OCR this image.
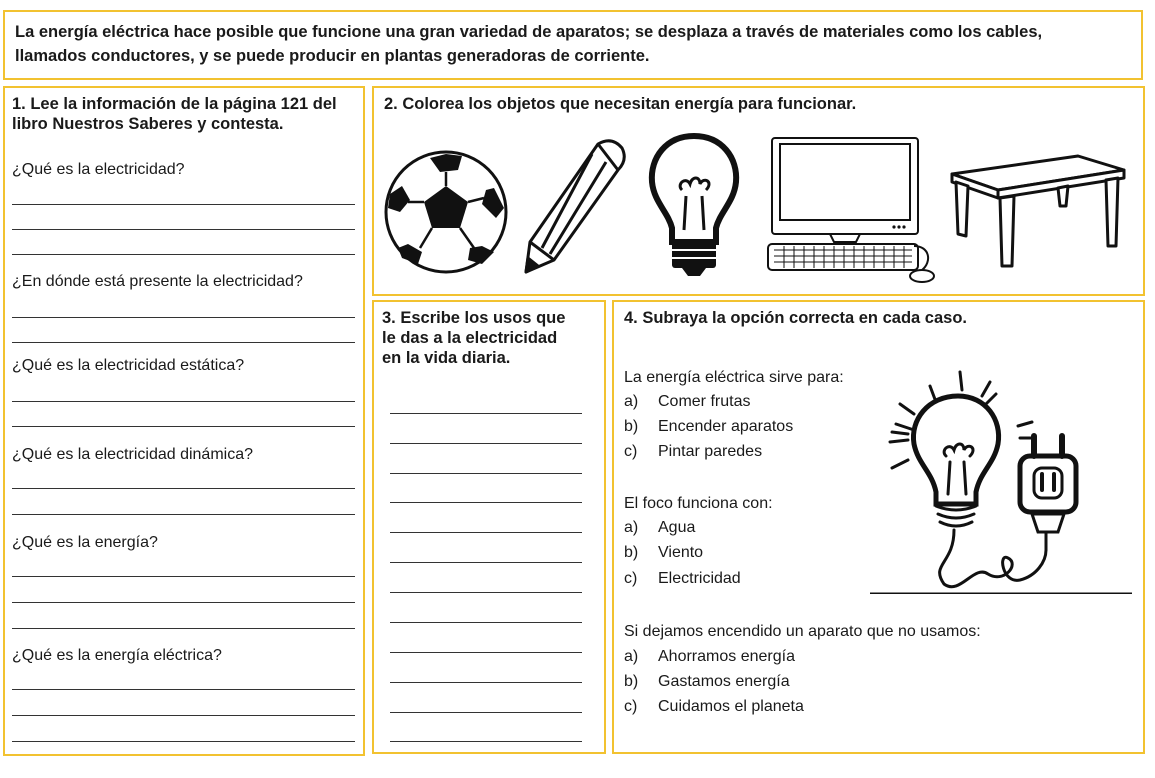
La energía eléctrica hace posible que funcione una gran variedad de aparatos; se desplaza a través de materiales como los cables,

llamados conductores, y se puede producir en plantas generadoras de corriente.

1. Lee la información de la página 121 del
libro Nuestros Saberes y contesta.

¿Qué es la electricidad?

¿En dónde está presente la electricidad?

¿Qué es la electricidad estática?

¿Qué es la electricidad dinámica?

¿Qué es la energía?

¿Qué es la energía eléctrica?

2. Colorea los objetos que necesitan energía para funcionar.
3. Escribe los usos que
le das a la electricidad
en la vida diaria.
4. Subraya la opción correcta en cada caso.
La energía eléctrica sirve para:
a) Comer frutas
b) Encender aparatos
c) Pintar paredes
El foco funciona con:
a) Agua
b) Viento
c) Electricidad
Si dejamos encendido un aparato que no usamos:
a) Ahorramos energía
b) Gastamos energía
c) Cuidamos el planeta
